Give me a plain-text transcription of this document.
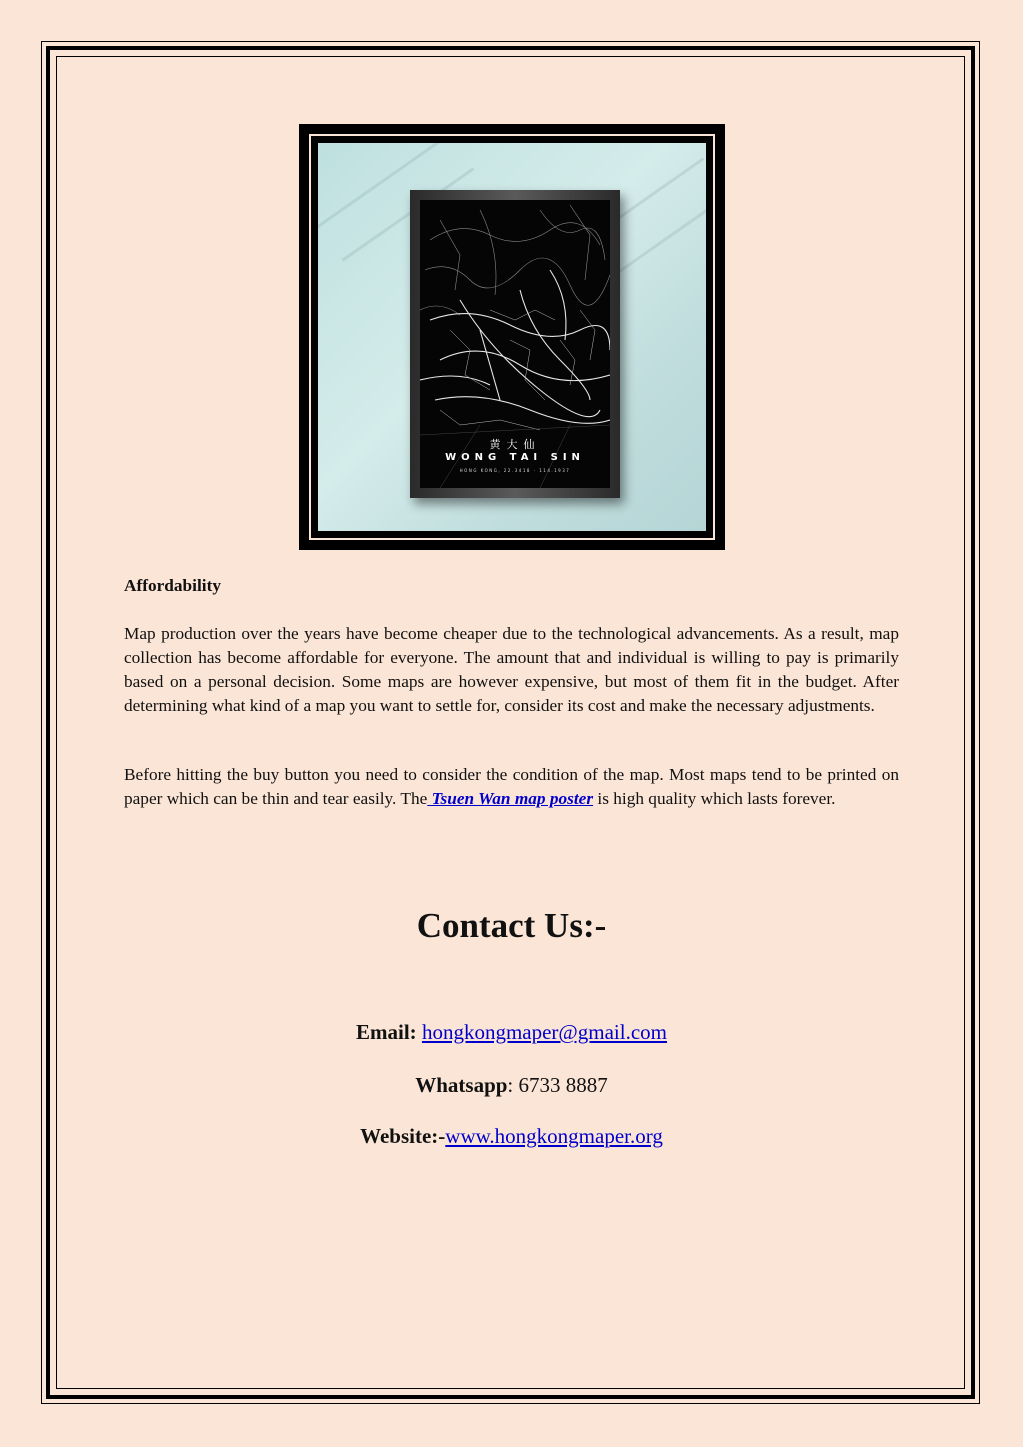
黄大仙
WONG TAI SIN
HONG KONG, 22.3418 · 114.1937
Affordability
Map production over the years have become cheaper due to the technological advancements. As a result, map collection has become affordable for everyone. The amount that and individual is willing to pay is primarily based on a personal decision. Some maps are however expensive, but most of them fit in the budget. After determining what kind of a map you want to settle for, consider its cost and make the necessary adjustments.
Before hitting the buy button you need to consider the condition of the map. Most maps tend to be printed on paper which can be thin and tear easily. The Tsuen Wan map poster is high quality which lasts forever.
Contact Us:-
Email: hongkongmaper@gmail.com
Whatsapp: 6733 8887
Website:-www.hongkongmaper.org
